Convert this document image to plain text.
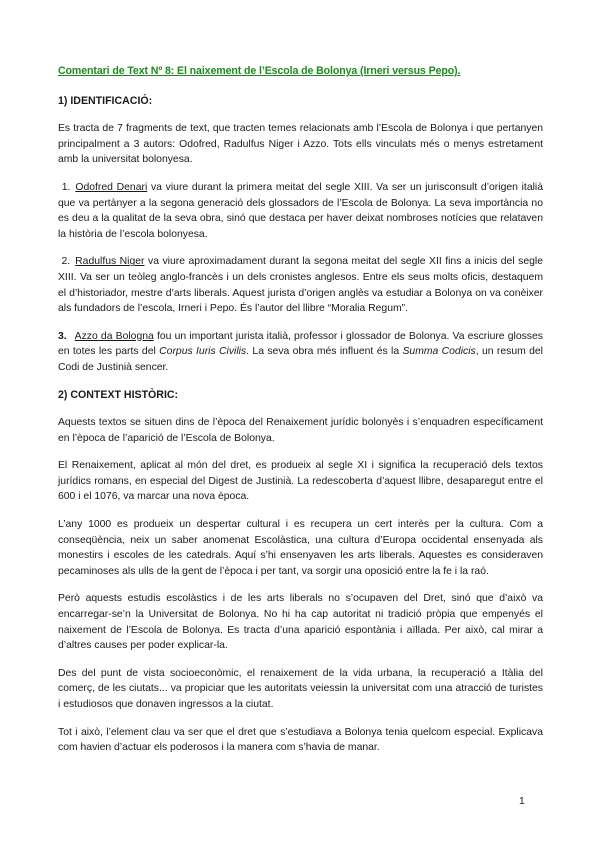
Comentari de Text Nº 8: El naixement de l’Escola de Bolonya (Irneri versus Pepo).
1) IDENTIFICACIÓ:

Es tracta de 7 fragments de text, que tracten temes relacionats amb l’Escola de Bolonya i que pertanyen principalment a 3 autors: Odofred, Radulfus Niger i Azzo. Tots ells vinculats més o menys estretament amb la universitat bolonyesa.

1. Odofred Denari va viure durant la primera meitat del segle XIII. Va ser un jurisconsult d’origen italià que va pertànyer a la segona generació dels glossadors de l’Escola de Bolonya. La seva importància no es deu a la qualitat de la seva obra, sinó que destaca per haver deixat nombroses notícies que relataven la història de l’escola bolonyesa.

2. Radulfus Niger va viure aproximadament durant la segona meitat del segle XII fins a inicis del segle XIII. Va ser un teòleg anglo-francès i un dels cronistes anglesos. Entre els seus molts oficis, destaquem el d’historiador, mestre d’arts liberals. Aquest jurista d’origen anglès va estudiar a Bolonya on va conèixer als fundadors de l’escola, Irneri i Pepo. És l’autor del llibre “Moralia Regum”.

3. Azzo da Bologna fou un important jurista italià, professor i glossador de Bolonya. Va escriure glosses en totes les parts del Corpus Iuris Civilis. La seva obra més influent és la Summa Codicis, un resum del Codi de Justinià sencer.

2) CONTEXT HISTÒRIC:

Aquests textos se situen dins de l’època del Renaixement jurídic bolonyès i s’enquadren específicament en l’època de l’aparició de l’Escola de Bolonya.

El Renaixement, aplicat al món del dret, es produeix al segle XI i significa la recuperació dels textos jurídics romans, en especial del Digest de Justinià. La redescoberta d’aquest llibre, desaparegut entre el 600 i el 1076, va marcar una nova època.

L’any 1000 es produeix un despertar cultural i es recupera un cert interès per la cultura. Com a conseqüència, neix un saber anomenat Escolàstica, una cultura d’Europa occidental ensenyada als monestirs i escoles de les catedrals. Aquí s’hi ensenyaven les arts liberals. Aquestes es consideraven pecaminoses als ulls de la gent de l’època i per tant, va sorgir una oposició entre la fe i la raó.

Però aquests estudis escolàstics i de les arts liberals no s’ocupaven del Dret, sinó que d’això va encarregar-se’n la Universitat de Bolonya. No hi ha cap autoritat ni tradició pròpia que empenyés el naixement de l’Escola de Bolonya. Es tracta d’una aparició espontània i aïllada. Per això, cal mirar a d’altres causes per poder explicar-la.

Des del punt de vista socioeconòmic, el renaixement de la vida urbana, la recuperació a Itàlia del comerç, de les ciutats... va propiciar que les autoritats veiessin la universitat com una atracció de turistes i estudiosos que donaven ingressos a la ciutat.

Tot i això, l’element clau va ser que el dret que s’estudiava a Bolonya tenia quelcom especial. Explicava com havien d’actuar els poderosos i la manera com s’havia de manar.

1
